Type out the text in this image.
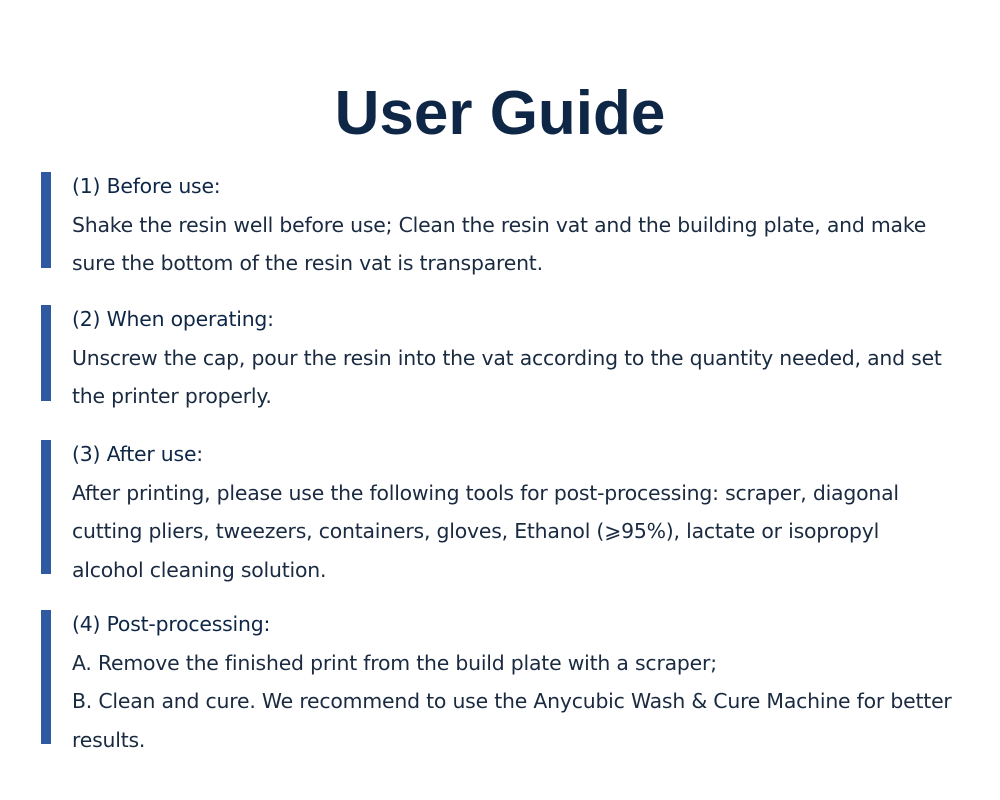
User Guide
(1) Before use:
Shake the resin well before use; Clean the resin vat and the building plate, and make
sure the bottom of the resin vat is transparent.
(2) When operating:
Unscrew the cap, pour the resin into the vat according to the quantity needed, and set
the printer properly.
(3) After use:
After printing, please use the following tools for post-processing: scraper, diagonal
cutting pliers, tweezers, containers, gloves, Ethanol (⩾95%), lactate or isopropyl
alcohol cleaning solution.
(4) Post-processing:
A. Remove the finished print from the build plate with a scraper;
B. Clean and cure. We recommend to use the Anycubic Wash & Cure Machine for better
results.
